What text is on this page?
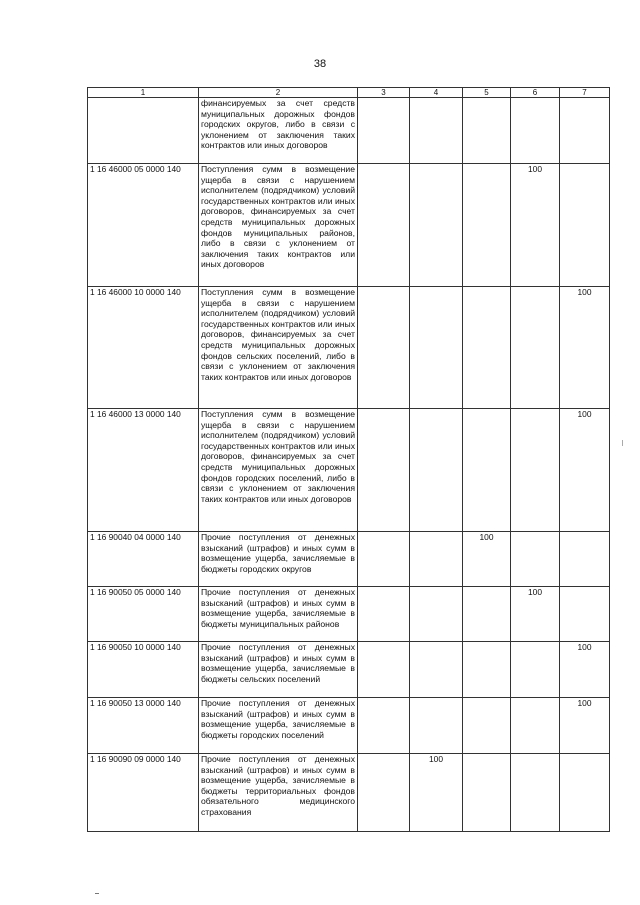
38
1	2	3	4	5	6	7
	финансируемых за счет средств муниципальных дорожных фондов городских округов, либо в связи с уклонением от заключения таких контрактов или иных договоров					
1 16 46000 05 0000 140	Поступления сумм в возмещение ущерба в связи с нарушением исполнителем (подрядчиком) условий государственных контрактов или иных договоров, финансируемых за счет средств муниципальных дорожных фондов муниципальных районов, либо в связи с уклонением от заключения таких контрактов или иных договоров				100	
1 16 46000 10 0000 140	Поступления сумм в возмещение ущерба в связи с нарушением исполнителем (подрядчиком) условий государственных контрактов или иных договоров, финансируемых за счет средств муниципальных дорожных фондов сельских поселений, либо в связи с уклонением от заключения таких контрактов или иных договоров					100
1 16 46000 13 0000 140	Поступления сумм в возмещение ущерба в связи с нарушением исполнителем (подрядчиком) условий государственных контрактов или иных договоров, финансируемых за счет средств муниципальных дорожных фондов городских поселений, либо в связи с уклонением от заключения таких контрактов или иных договоров					100
1 16 90040 04 0000 140	Прочие поступления от денежных взысканий (штрафов) и иных сумм в возмещение ущерба, зачисляемые в бюджеты городских округов			100		
1 16 90050 05 0000 140	Прочие поступления от денежных взысканий (штрафов) и иных сумм в возмещение ущерба, зачисляемые в бюджеты муниципальных районов				100	
1 16 90050 10 0000 140	Прочие поступления от денежных взысканий (штрафов) и иных сумм в возмещение ущерба, зачисляемые в бюджеты сельских поселений					100
1 16 90050 13 0000 140	Прочие поступления от денежных взысканий (штрафов) и иных сумм в возмещение ущерба, зачисляемые в бюджеты городских поселений					100
1 16 90090 09 0000 140	Прочие поступления от денежных взысканий (штрафов) и иных сумм в возмещение ущерба, зачисляемые в бюджеты территориальных фондов обязательного медицинского страхования		100			
